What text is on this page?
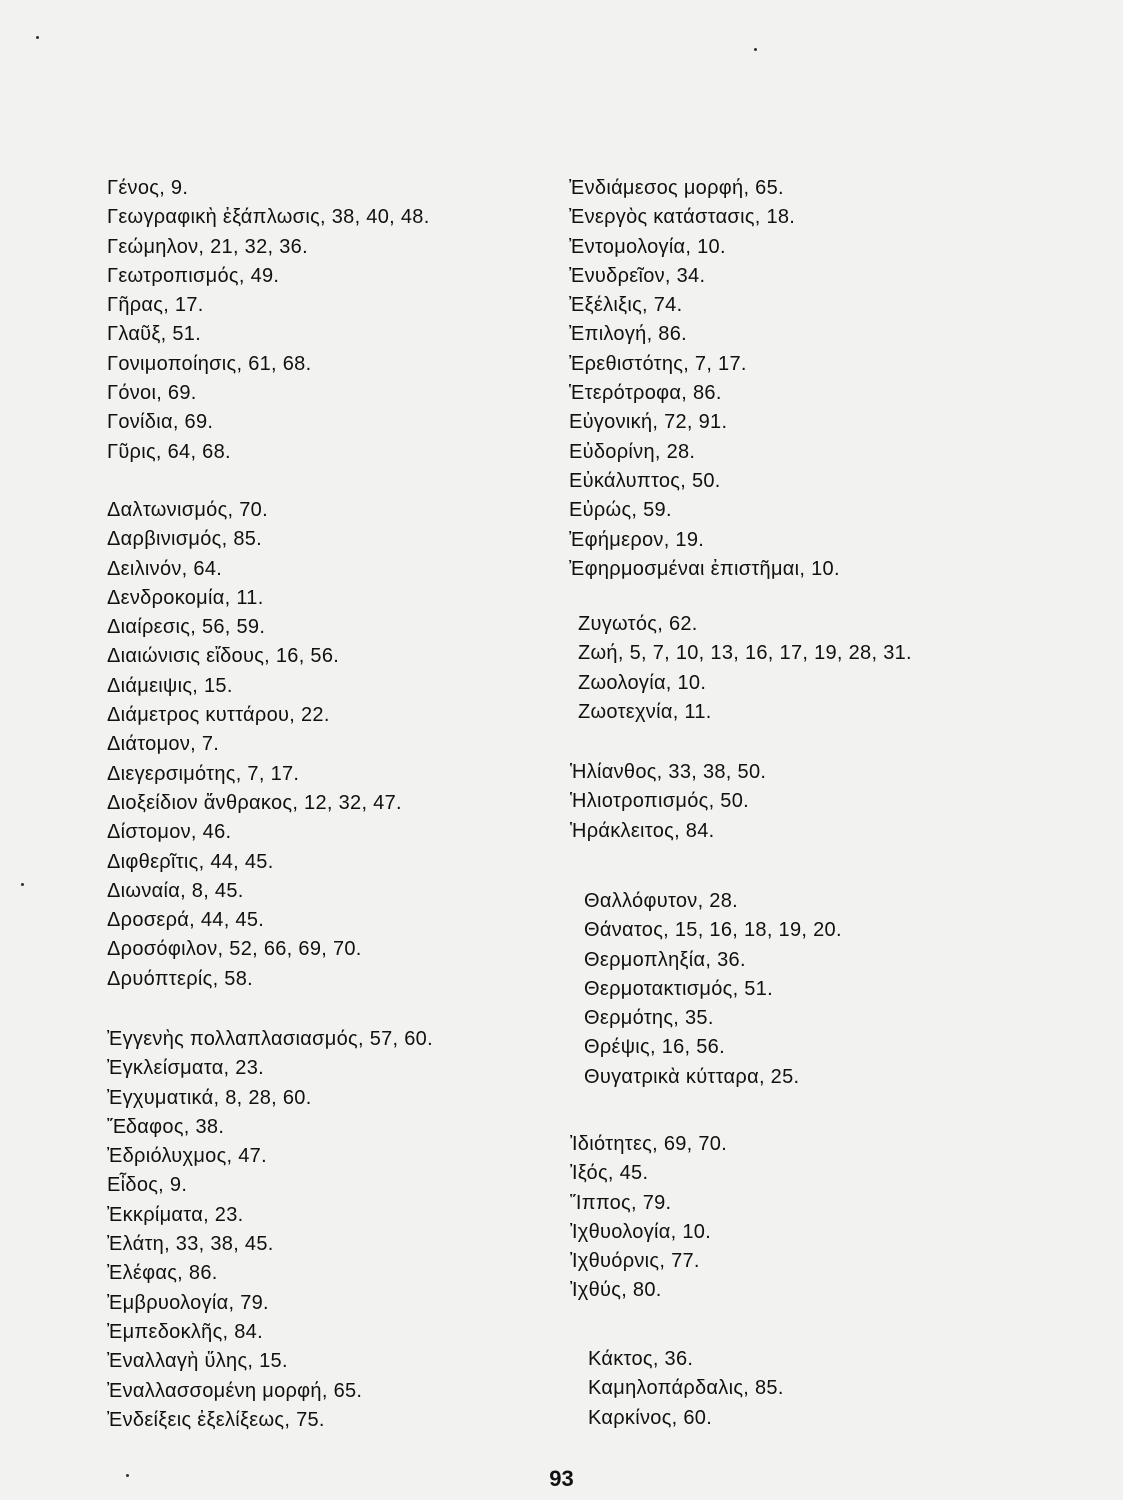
Γένος, 9.
Γεωγραφικὴ ἐξάπλωσις, 38, 40, 48.
Γεώμηλον, 21, 32, 36.
Γεωτροπισμός, 49.
Γῆρας, 17.
Γλαῦξ, 51.
Γονιμοποίησις, 61, 68.
Γόνοι, 69.
Γονίδια, 69.
Γῦρις, 64, 68.
Δαλτωνισμός, 70.
Δαρβινισμός, 85.
Δειλινόν, 64.
Δενδροκομία, 11.
Διαίρεσις, 56, 59.
Διαιώνισις εἴδους, 16, 56.
Διάμειψις, 15.
Διάμετρος κυττάρου, 22.
Διάτομον, 7.
Διεγερσιμότης, 7, 17.
Διοξείδιον ἄνθρακος, 12, 32, 47.
Δίστομον, 46.
Διφθερῖτις, 44, 45.
Διωναία, 8, 45.
Δροσερά, 44, 45.
Δροσόφιλον, 52, 66, 69, 70.
Δρυόπτερίς, 58.
Ἐγγενὴς πολλαπλασιασμός, 57, 60.
Ἐγκλείσματα, 23.
Ἐγχυματικά, 8, 28, 60.
Ἔδαφος, 38.
Ἐδριόλυχμος, 47.
Εἶδος, 9.
Ἐκκρίματα, 23.
Ἐλάτη, 33, 38, 45.
Ἐλέφας, 86.
Ἐμβρυολογία, 79.
Ἐμπεδοκλῆς, 84.
Ἐναλλαγὴ ὕλης, 15.
Ἐναλλασσομένη μορφή, 65.
Ἐνδείξεις ἐξελίξεως, 75.
Ἐνδιάμεσος μορφή, 65.
Ἐνεργὸς κατάστασις, 18.
Ἐντομολογία, 10.
Ἐνυδρεῖον, 34.
Ἐξέλιξις, 74.
Ἐπιλογή, 86.
Ἐρεθιστότης, 7, 17.
Ἑτερότροφα, 86.
Εὐγονική, 72, 91.
Εὐδορίνη, 28.
Εὐκάλυπτος, 50.
Εὐρώς, 59.
Ἐφήμερον, 19.
Ἐφηρμοσμέναι ἐπιστῆμαι, 10.
Ζυγωτός, 62.
Ζωή, 5, 7, 10, 13, 16, 17, 19, 28, 31.
Ζωολογία, 10.
Ζωοτεχνία, 11.
Ἡλίανθος, 33, 38, 50.
Ἡλιοτροπισμός, 50.
Ἡράκλειτος, 84.
Θαλλόφυτον, 28.
Θάνατος, 15, 16, 18, 19, 20.
Θερμοπληξία, 36.
Θερμοτακτισμός, 51.
Θερμότης, 35.
Θρέψις, 16, 56.
Θυγατρικὰ κύτταρα, 25.
Ἰδιότητες, 69, 70.
Ἰξός, 45.
Ἵππος, 79.
Ἰχθυολογία, 10.
Ἰχθυόρνις, 77.
Ἰχθύς, 80.
Κάκτος, 36.
Καμηλοπάρδαλις, 85.
Καρκίνος, 60.
93
